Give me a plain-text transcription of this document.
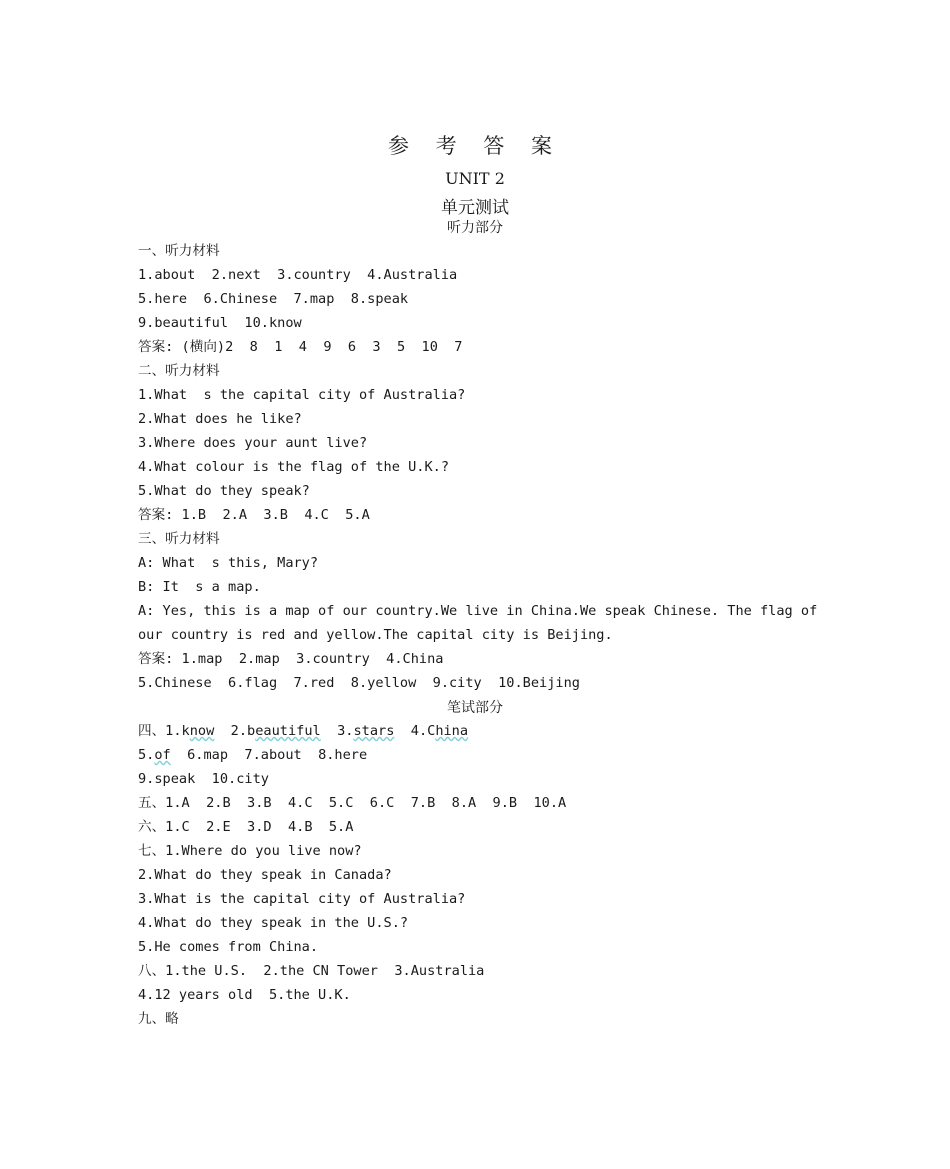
参 考 答 案
UNIT 2
单元测试
听力部分
一、听力材料
1.about  2.next  3.country  4.Australia
5.here  6.Chinese  7.map  8.speak
9.beautiful  10.know
答案: (横向)2  8  1  4  9  6  3  5  10  7
二、听力材料
1.What  s the capital city of Australia?
2.What does he like?
3.Where does your aunt live?
4.What colour is the flag of the U.K.?
5.What do they speak?
答案: 1.B  2.A  3.B  4.C  5.A
三、听力材料
A: What  s this, Mary?
B: It  s a map.
A: Yes, this is a map of our country.We live in China.We speak Chinese. The flag of
our country is red and yellow.The capital city is Beijing.
答案: 1.map  2.map  3.country  4.China
5.Chinese  6.flag  7.red  8.yellow  9.city  10.Beijing
笔试部分
四、1.know  2.beautiful  3.stars  4.China
5.of  6.map  7.about  8.here
9.speak  10.city
五、1.A  2.B  3.B  4.C  5.C  6.C  7.B  8.A  9.B  10.A
六、1.C  2.E  3.D  4.B  5.A
七、1.Where do you live now?
2.What do they speak in Canada?
3.What is the capital city of Australia?
4.What do they speak in the U.S.?
5.He comes from China.
八、1.the U.S.  2.the CN Tower  3.Australia
4.12 years old  5.the U.K.
九、略
